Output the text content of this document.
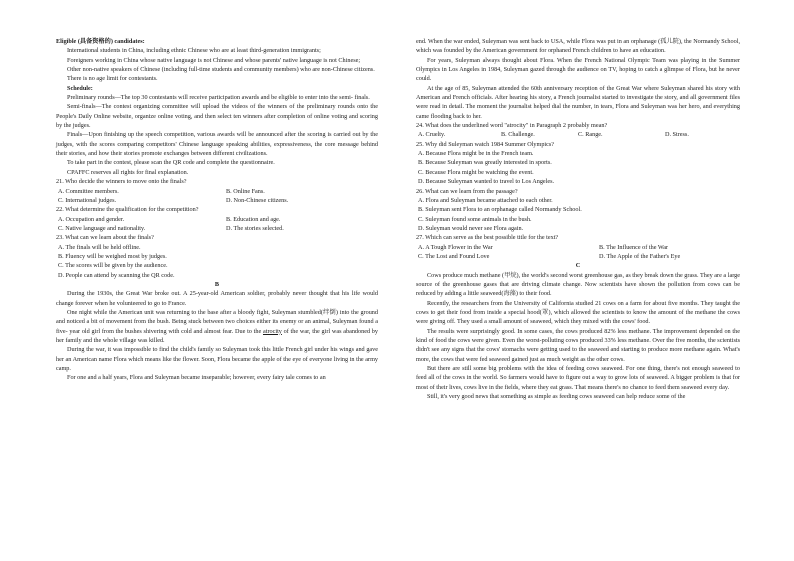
Eligible (具备资格的) candidates:

International students in China, including ethnic Chinese who are at least third-generation immigrants;

Foreigners working in China whose native language is not Chinese and whose parents' native language is not Chinese;

Other non-native speakers of Chinese (including full-time students and community members) who are non-Chinese citizens.

There is no age limit for contestants.

Schedule:

Preliminary rounds—The top 30 contestants will receive participation awards and be eligible to enter into the semi- finals.

Semi-finals—The contest organizing committee will upload the videos of the winners of the preliminary rounds onto the People's Daily Online website, organize online voting, and then select ten winners after completion of online voting and scoring by the judges.

Finals—Upon finishing up the speech competition, various awards will be announced after the scoring is carried out by the judges, with the scores comparing competitors' Chinese language speaking abilities, expressiveness, the core message behind their stories, and how their stories promote exchanges between different civilizations.

To take part in the contest, please scan the QR code and complete the questionnaire.

CPAFFC reserves all rights for final explanation.

21. Who decide the winners to move onto the finals?

A. Committee members.	B. Online Fans.

C. International judges.	D. Non-Chinese citizens.

22. What determine the qualification for the competition?

A. Occupation and gender.	B. Education and age.

C. Native language and nationality.	D. The stories selected.

23. What can we learn about the finals?

A. The finals will be held offline.

B. Fluency will be weighed most by judges.

C. The scores will be given by the audience.

D. People can attend by scanning the QR code.

B

During the 1930s, the Great War broke out. A 25-year-old American soldier, probably never thought that his life would change forever when he volunteered to go to France.

One night while the American unit was returning to the base after a bloody fight, Suleyman stumbled(绊倒) into the ground and noticed a bit of movement from the bush. Being stuck between two choices either its enemy or an animal, Suleyman found a five- year old girl from the bushes shivering with cold and almost fear. Due to the atrocity of the war, the girl was abandoned by her family and the whole village was killed.

During the war, it was impossible to find the child's family so Suleyman took this little French girl under his wings and gave her an American name Flora which means like the flower. Soon, Flora became the apple of the eye of everyone living in the army camp.

For one and a half years, Flora and Suleyman became inseparable; however, every fairy tale comes to an

end. When the war ended, Suleyman was sent back to USA, while Flora was put in an orphanage (孤儿院), the Normandy School, which was founded by the American government for orphaned French children to have an education.

For years, Suleyman always thought about Flora. When the French National Olympic Team was playing in the Summer Olympics in Los Angeles in 1984, Suleyman gazed through the audience on TV, hoping to catch a glimpse of Flora, but he never could.

At the age of 85, Suleyman attended the 60th anniversary reception of the Great War where Suleyman shared his story with American and French officials. After hearing his story, a French journalist started to investigate the story, and all government files were read in detail. The moment the journalist helped dial the number, in tears, Flora and Suleyman was her hero, and everything came flooding back to her.

24. What does the underlined word "atrocity" in Paragraph 2 probably mean?

A. Cruelty.	B. Challenge.	C. Range.	D. Stress.

25. Why did Suleyman watch 1984 Summer Olympics?

A. Because Flora might be in the French team.

B. Because Suleyman was greatly interested in sports.

C. Because Flora might be watching the event.

D. Because Suleyman wanted to travel to Los Angeles.

26. What can we learn from the passage?

A. Flora and Suleyman became attached to each other.

B. Suleyman sent Flora to an orphanage called Normandy School.

C. Suleyman found some animals in the bush.

D. Suleyman would never see Flora again.

27. Which can serve as the best possible title for the text?

A. A Tough Flower in the War	B. The Influence of the War

C. The Lost and Found Love	D. The Apple of the Father's Eye

C

Cows produce much methane (甲烷), the world's second worst greenhouse gas, as they break down the grass. They are a large source of the greenhouse gases that are driving climate change. Now scientists have shown the pollution from cows can be reduced by adding a little seaweed(海藻) to their food.

Recently, the researchers from the University of California studied 21 cows on a farm for about five months. They taught the cows to get their food from inside a special hood(罩), which allowed the scientists to know the amount of the methane the cows were giving off. They used a small amount of seaweed, which they mixed with the cows' food.

The results were surprisingly good. In some cases, the cows produced 82% less methane. The improvement depended on the kind of food the cows were given. Even the worst-polluting cows produced 33% less methane. Over the five months, the scientists didn't see any signs that the cows' stomachs were getting used to the seaweed and starting to produce more methane again. What's more, the cows that were fed seaweed gained just as much weight as the other cows.

But there are still some big problems with the idea of feeding cows seaweed. For one thing, there's not enough seaweed to feed all of the cows in the world. So farmers would have to figure out a way to grow lots of seaweed. A bigger problem is that for most of their lives, cows live in the fields, where they eat grass. That means there's no chance to feed them seaweed every day.

Still, it's very good news that something as simple as feeding cows seaweed can help reduce some of the
